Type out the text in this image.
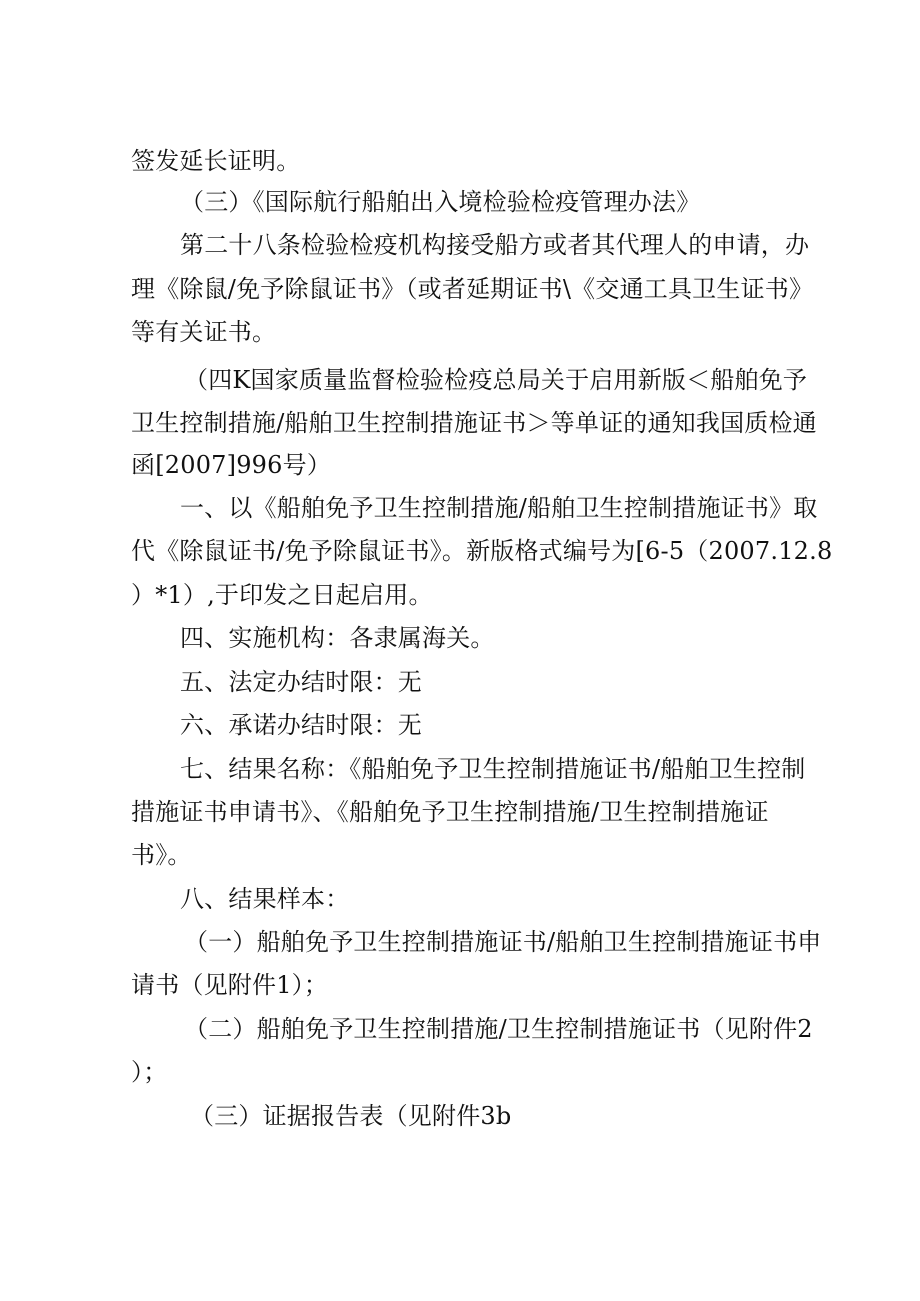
签发延长证明。
（三）《国际航行船舶出入境检验检疫管理办法》
第二十八条检验检疫机构接受船方或者其代理人的申请，办
理《除鼠/免予除鼠证书》（或者延期证书\《交通工具卫生证书》
等有关证书。
（四K国家质量监督检验检疫总局关于启用新版＜船舶免予
卫生控制措施/船舶卫生控制措施证书＞等单证的通知我国质检通
函[2007]996号）
一、以《船舶免予卫生控制措施/船舶卫生控制措施证书》取
代《除鼠证书/免予除鼠证书》。新版格式编号为[6-5（2007.12.8
）*1）,于印发之日起启用。
四、实施机构：各隶属海关。
五、法定办结时限：无
六、承诺办结时限：无
七、结果名称：《船舶免予卫生控制措施证书/船舶卫生控制
措施证书申请书》、《船舶免予卫生控制措施/卫生控制措施证
书》。
八、结果样本：
（一）船舶免予卫生控制措施证书/船舶卫生控制措施证书申
请书（见附件1）；
（二）船舶免予卫生控制措施/卫生控制措施证书（见附件2
）；
（三）证据报告表（见附件3b
